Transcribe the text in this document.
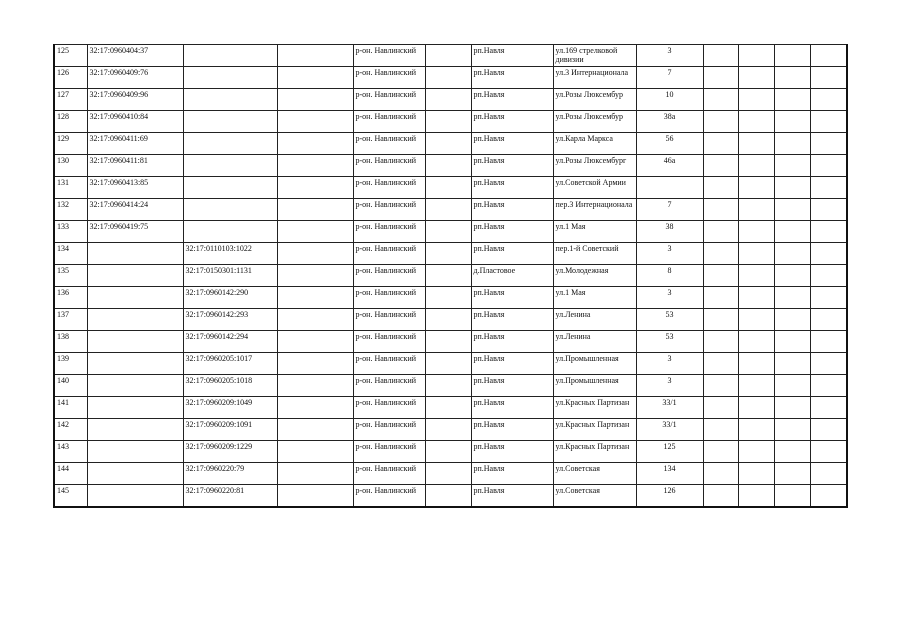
125	32:17:0960404:37			р-он. Навлинский		рп.Навля	ул.169 стрелковой дивизии	3				
126	32:17:0960409:76			р-он. Навлинский		рп.Навля	ул.3 Интернационала	7				
127	32:17:0960409:96			р-он. Навлинский		рп.Навля	ул.Розы Люксембур	10				
128	32:17:0960410:84			р-он. Навлинский		рп.Навля	ул.Розы Люксембур	38а				
129	32:17:0960411:69			р-он. Навлинский		рп.Навля	ул.Карла Маркса	56				
130	32:17:0960411:81			р-он. Навлинский		рп.Навля	ул.Розы Люксембург	46а				
131	32:17:0960413:85			р-он. Навлинский		рп.Навля	ул.Советской Армии					
132	32:17:0960414:24			р-он. Навлинский		рп.Навля	пер.3 Интернационала	7				
133	32:17:0960419:75			р-он. Навлинский		рп.Навля	ул.1 Мая	38				
134		32:17:0110103:1022		р-он. Навлинский		рп.Навля	пер.1-й Советский	3				
135		32:17:0150301:1131		р-он. Навлинский		д.Пластовое	ул.Молодежная	8				
136		32:17:0960142:290		р-он. Навлинский		рп.Навля	ул.1 Мая	3				
137		32:17:0960142:293		р-он. Навлинский		рп.Навля	ул.Ленина	53				
138		32:17:0960142:294		р-он. Навлинский		рп.Навля	ул.Ленина	53				
139		32:17:0960205:1017		р-он. Навлинский		рп.Навля	ул.Промышленная	3				
140		32:17:0960205:1018		р-он. Навлинский		рп.Навля	ул.Промышленная	3				
141		32:17:0960209:1049		р-он. Навлинский		рп.Навля	ул.Красных Партизан	33/1				
142		32:17:0960209:1091		р-он. Навлинский		рп.Навля	ул.Красных Партизан	33/1				
143		32:17:0960209:1229		р-он. Навлинский		рп.Навля	ул.Красных Партизан	125				
144		32:17:0960220:79		р-он. Навлинский		рп.Навля	ул.Советская	134				
145		32:17:0960220:81		р-он. Навлинский		рп.Навля	ул.Советская	126				
